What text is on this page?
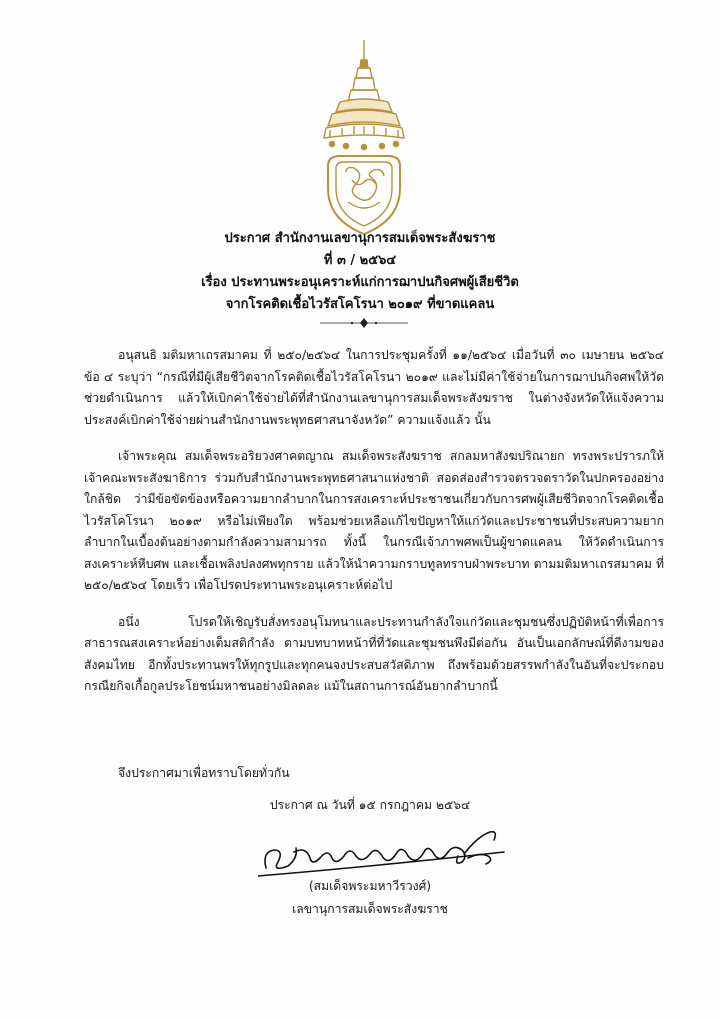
ประกาศ สำนักงานเลขานุการสมเด็จพระสังฆราช
ที่ ๓ / ๒๕๖๔
เรื่อง ประทานพระอนุเคราะห์แก่การฌาปนกิจศพผู้เสียชีวิต
จากโรคติดเชื้อไวรัสโคโรนา ๒๐๑๙ ที่ขาดแคลน

อนุสนธิ มติมหาเถรสมาคม ที่ ๒๕๐/๒๕๖๔ ในการประชุมครั้งที่ ๑๑/๒๕๖๔ เมื่อวันที่ ๓๐ เมษายน ๒๕๖๔ ข้อ ๔ ระบุว่า “กรณีที่มีผู้เสียชีวิตจากโรคติดเชื้อไวรัสโคโรนา ๒๐๑๙ และไม่มีค่าใช้จ่ายในการฌาปนกิจศพให้วัดช่วยดำเนินการ แล้วให้เบิกค่าใช้จ่ายได้ที่สำนักงานเลขานุการสมเด็จพระสังฆราช ในต่างจังหวัดให้แจ้งความประสงค์เบิกค่าใช้จ่ายผ่านสำนักงานพระพุทธศาสนาจังหวัด” ความแจ้งแล้ว นั้น

เจ้าพระคุณ สมเด็จพระอริยวงศาคตญาณ สมเด็จพระสังฆราช สกลมหาสังฆปริณายก ทรงพระปรารภให้เจ้าคณะพระสังฆาธิการ ร่วมกับสำนักงานพระพุทธศาสนาแห่งชาติ สอดส่องสำรวจตรวจตราวัดในปกครองอย่างใกล้ชิด ว่ามีข้อขัดข้องหรือความยากลำบากในการสงเคราะห์ประชาชนเกี่ยวกับการศพผู้เสียชีวิตจากโรคติดเชื้อไวรัสโคโรนา ๒๐๑๙ หรือไม่เพียงใด พร้อมช่วยเหลือแก้ไขปัญหาให้แก่วัดและประชาชนที่ประสบความยากลำบากในเบื้องต้นอย่างตามกำลังความสามารถ ทั้งนี้ ในกรณีเจ้าภาพศพเป็นผู้ขาดแคลน ให้วัดดำเนินการสงเคราะห์หีบศพ และเชื้อเพลิงปลงศพทุกราย แล้วให้นำความกราบทูลทราบฝ่าพระบาท ตามมติมหาเถรสมาคม ที่ ๒๕๐/๒๕๖๔ โดยเร็ว เพื่อโปรดประทานพระอนุเคราะห์ต่อไป

อนึ่ง โปรดให้เชิญรับสั่งทรงอนุโมทนาและประทานกำลังใจแก่วัดและชุมชนซึ่งปฏิบัติหน้าที่เพื่อการสาธารณสงเคราะห์อย่างเต็มสติกำลัง ตามบทบาทหน้าที่ที่วัดและชุมชนพึงมีต่อกัน อันเป็นเอกลักษณ์ที่ดีงามของสังคมไทย อีกทั้งประทานพรให้ทุกรูปและทุกคนจงประสบสวัสดิภาพ ถึงพร้อมด้วยสรรพกำลังในอันที่จะประกอบกรณียกิจเกื้อกูลประโยชน์มหาชนอย่างมิลดละ แม้ในสถานการณ์อันยากลำบากนี้

จึงประกาศมาเพื่อทราบโดยทั่วกัน
ประกาศ ณ วันที่ ๑๕ กรกฎาคม ๒๕๖๔
(สมเด็จพระมหาวีรวงศ์)
เลขานุการสมเด็จพระสังฆราช
